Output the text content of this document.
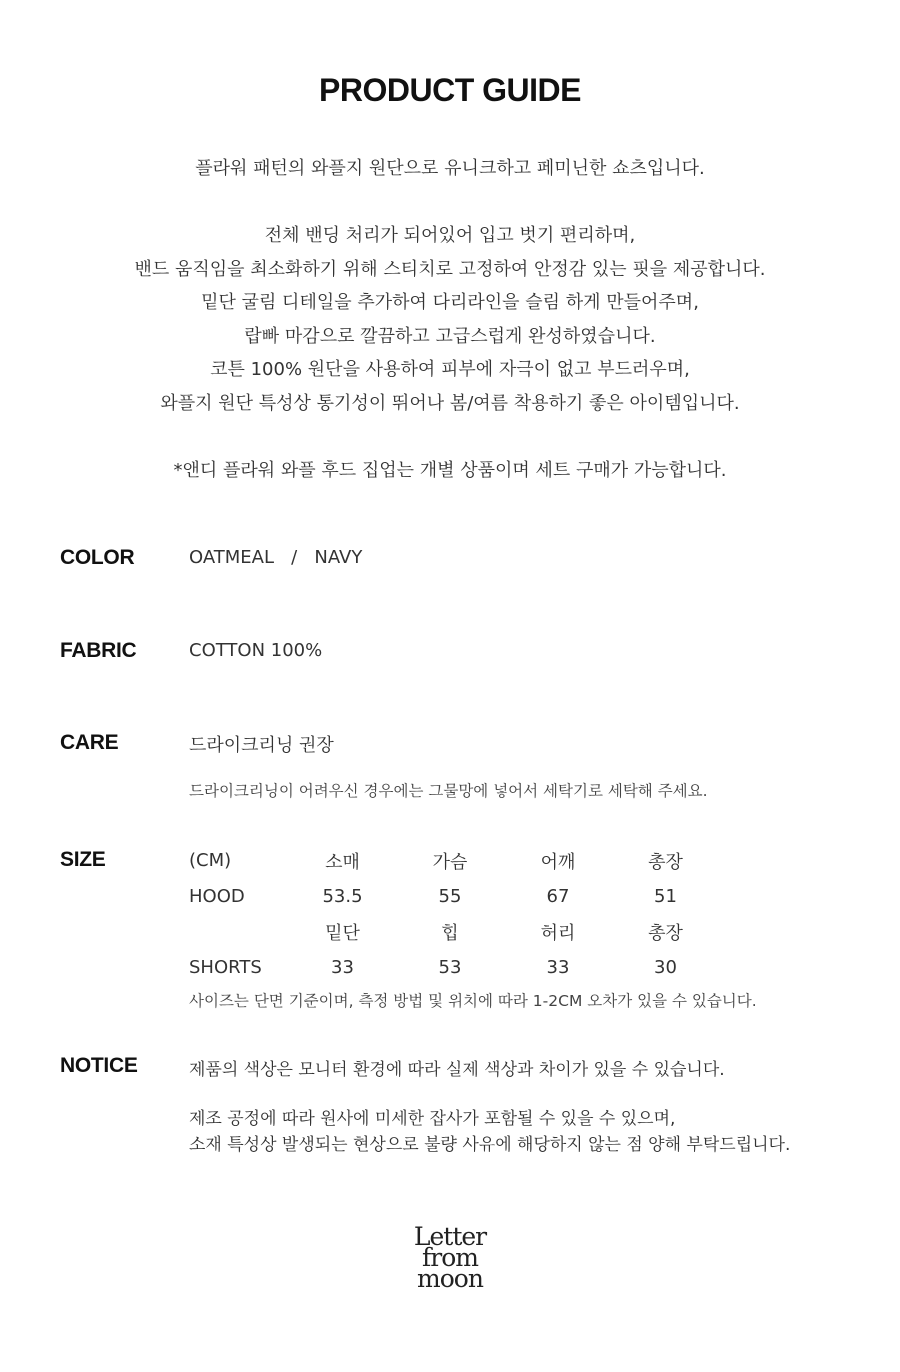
PRODUCT GUIDE

플라워 패턴의 와플지 원단으로 유니크하고 페미닌한 쇼츠입니다.

전체 밴딩 처리가 되어있어 입고 벗기 편리하며,

밴드 움직임을 최소화하기 위해 스티치로 고정하여 안정감 있는 핏을 제공합니다.

밑단 굴림 디테일을 추가하여 다리라인을 슬림 하게 만들어주며,

랍빠 마감으로 깔끔하고 고급스럽게 완성하였습니다.

코튼 100% 원단을 사용하여 피부에 자극이 없고 부드러우며,

와플지 원단 특성상 통기성이 뛰어나 봄/여름 착용하기 좋은 아이템입니다.

*앤디 플라워 와플 후드 집업는 개별 상품이며 세트 구매가 가능합니다.

COLOR	OATMEAL   /   NAVY
FABRIC	COTTON 100%
CARE	드라이크리닝 권장
드라이크리닝이 어려우신 경우에는 그물망에 넣어서 세탁기로 세탁해 주세요.
SIZE	(CM)	소매	가슴	어깨	총장
HOOD	53.5	55	67	51
	밑단	힙	허리	총장
SHORTS	33	53	33	30
사이즈는 단면 기준이며, 측정 방법 및 위치에 따라 1-2CM 오차가 있을 수 있습니다.
NOTICE	제품의 색상은 모니터 환경에 따라 실제 색상과 차이가 있을 수 있습니다.
제조 공정에 따라 원사에 미세한 잡사가 포함될 수 있을 수 있으며,
소재 특성상 발생되는 현상으로 불량 사유에 해당하지 않는 점 양해 부탁드립니다.
Letter
from
moon
